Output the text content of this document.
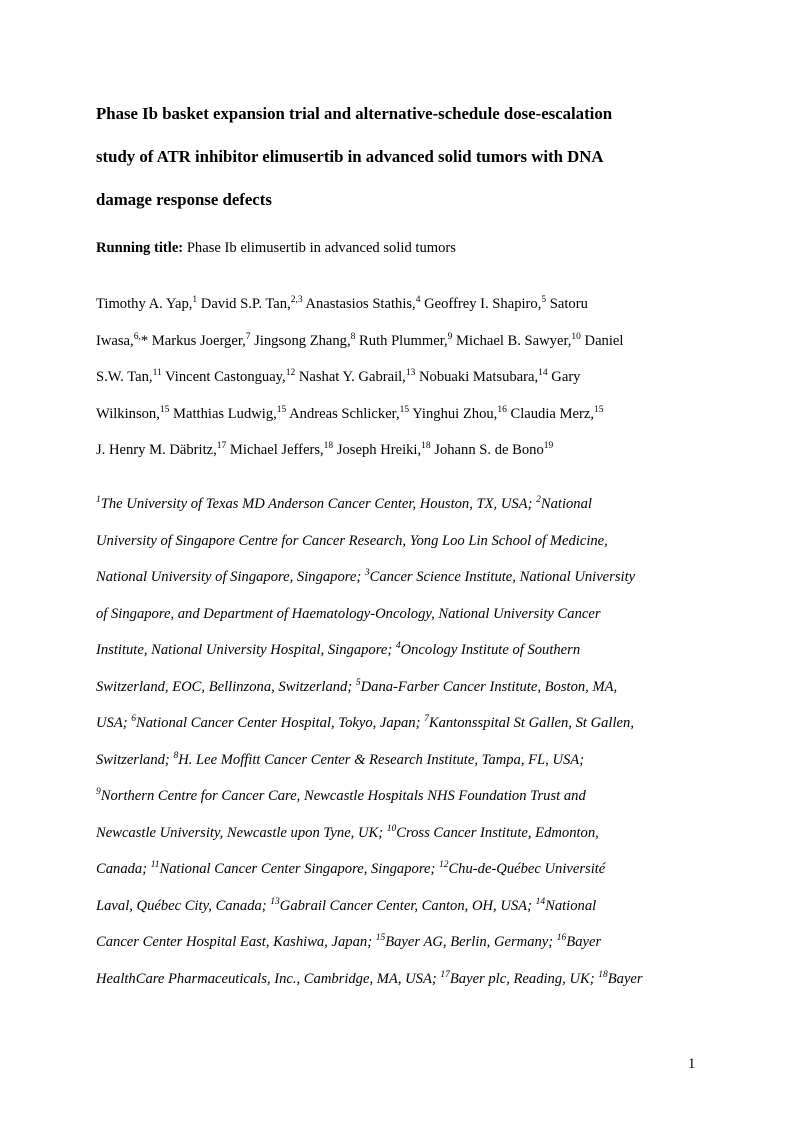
Phase Ib basket expansion trial and alternative-schedule dose-escalation
study of ATR inhibitor elimusertib in advanced solid tumors with DNA
damage response defects
Running title: Phase Ib elimusertib in advanced solid tumors
Timothy A. Yap,$^1$ David S.P. Tan,$^{2,3}$ Anastasios Stathis,$^4$ Geoffrey I. Shapiro,$^5$ Satoru
Iwasa,$^{6,}$* Markus Joerger,$^7$ Jingsong Zhang,$^8$ Ruth Plummer,$^9$ Michael B. Sawyer,$^{10}$ Daniel
S.W. Tan,$^{11}$ Vincent Castonguay,$^{12}$ Nashat Y. Gabrail,$^{13}$ Nobuaki Matsubara,$^{14}$ Gary
Wilkinson,$^{15}$ Matthias Ludwig,$^{15}$ Andreas Schlicker,$^{15}$ Yinghui Zhou,$^{16}$ Claudia Merz,$^{15}$
J. Henry M. Däbritz,$^{17}$ Michael Jeffers,$^{18}$ Joseph Hreiki,$^{18}$ Johann S. de Bono$^{19}$
$^1$The University of Texas MD Anderson Cancer Center, Houston, TX, USA; $^2$National
University of Singapore Centre for Cancer Research, Yong Loo Lin School of Medicine,
National University of Singapore, Singapore; $^3$Cancer Science Institute, National University
of Singapore, and Department of Haematology-Oncology, National University Cancer
Institute, National University Hospital, Singapore; $^4$Oncology Institute of Southern
Switzerland, EOC, Bellinzona, Switzerland; $^5$Dana-Farber Cancer Institute, Boston, MA,
USA; $^6$National Cancer Center Hospital, Tokyo, Japan; $^7$Kantonsspital St Gallen, St Gallen,
Switzerland; $^8$H. Lee Moffitt Cancer Center & Research Institute, Tampa, FL, USA;
$^9$Northern Centre for Cancer Care, Newcastle Hospitals NHS Foundation Trust and
Newcastle University, Newcastle upon Tyne, UK; $^{10}$Cross Cancer Institute, Edmonton,
Canada; $^{11}$National Cancer Center Singapore, Singapore; $^{12}$Chu-de-Québec Université
Laval, Québec City, Canada; $^{13}$Gabrail Cancer Center, Canton, OH, USA; $^{14}$National
Cancer Center Hospital East, Kashiwa, Japan; $^{15}$Bayer AG, Berlin, Germany; $^{16}$Bayer
HealthCare Pharmaceuticals, Inc., Cambridge, MA, USA; $^{17}$Bayer plc, Reading, UK; $^{18}$Bayer
1
